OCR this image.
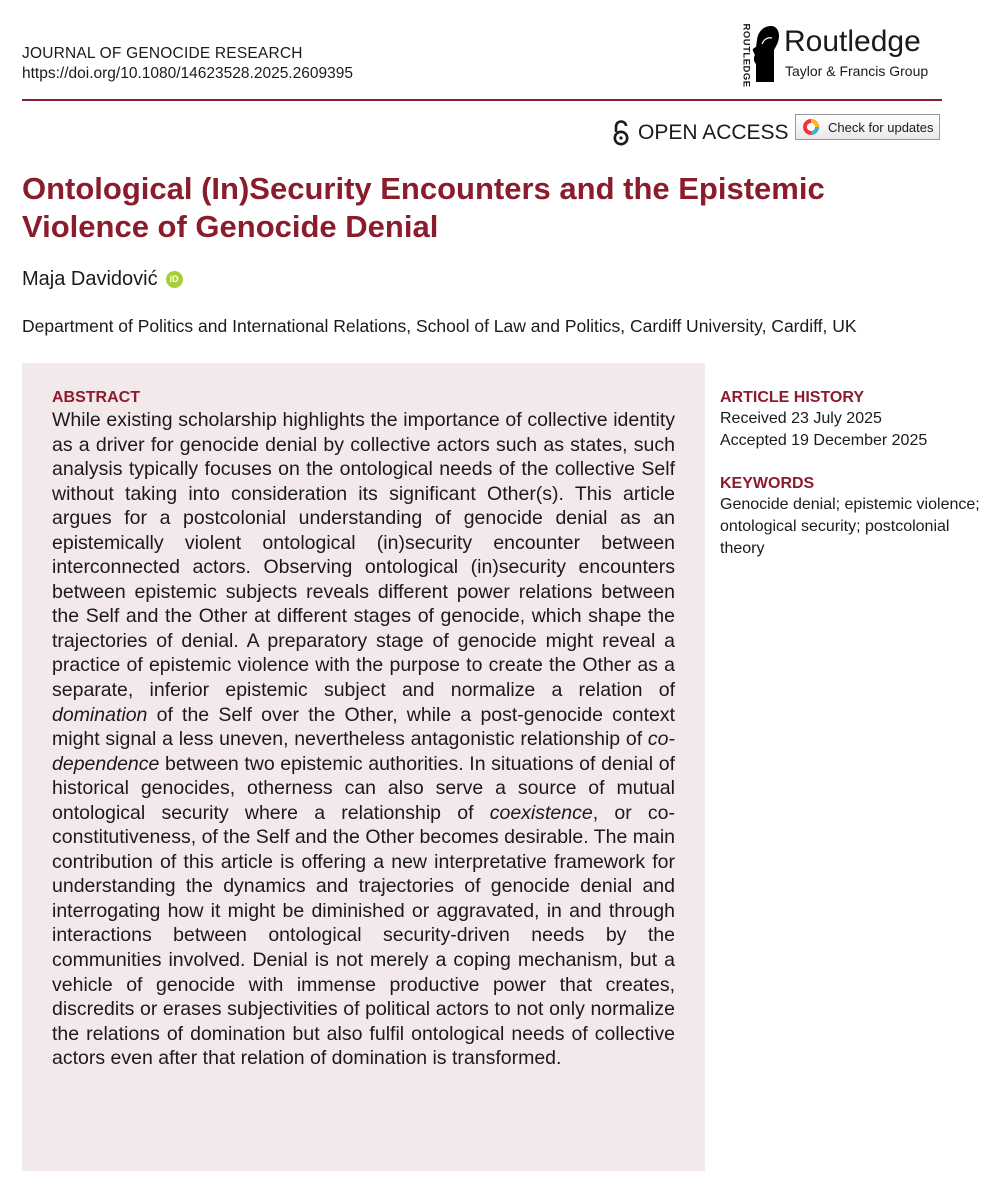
JOURNAL OF GENOCIDE RESEARCH
https://doi.org/10.1080/14623528.2025.2609395	ROUTLEDGE Routledge
Taylor & Francis Group
OPEN ACCESS	Check for updates
Ontological (In)Security Encounters and the Epistemic Violence of Genocide Denial
Maja Davidović	iD
Department of Politics and International Relations, School of Law and Politics, Cardiff University, Cardiff, UK
ABSTRACT

While existing scholarship highlights the importance of collective identity as a driver for genocide denial by collective actors such as states, such analysis typically focuses on the ontological needs of the collective Self without taking into consideration its significant Other(s). This article argues for a postcolonial understanding of genocide denial as an epistemically violent ontological (in)security encounter between interconnected actors. Observing ontological (in)security encounters between epistemic subjects reveals different power relations between the Self and the Other at different stages of genocide, which shape the trajectories of denial. A preparatory stage of genocide might reveal a practice of epistemic violence with the purpose to create the Other as a separate, inferior epistemic subject and normalize a relation of domination of the Self over the Other, while a post-genocide context might signal a less uneven, nevertheless antagonistic relationship of co-dependence between two epistemic authorities. In situations of denial of historical genocides, otherness can also serve a source of mutual ontological security where a relationship of coexistence, or co-constitutiveness, of the Self and the Other becomes desirable. The main contribution of this article is offering a new interpretative framework for understanding the dynamics and trajectories of genocide denial and interrogating how it might be diminished or aggravated, in and through interactions between ontological security-driven needs by the communities involved. Denial is not merely a coping mechanism, but a vehicle of genocide with immense productive power that creates, discredits or erases subjectivities of political actors to not only normalize the relations of domination but also fulfil ontological needs of collective actors even after that relation of domination is transformed.

ARTICLE HISTORY
Received 23 July 2025
Accepted 19 December 2025
KEYWORDS
Genocide denial; epistemic violence; ontological security; postcolonial theory
